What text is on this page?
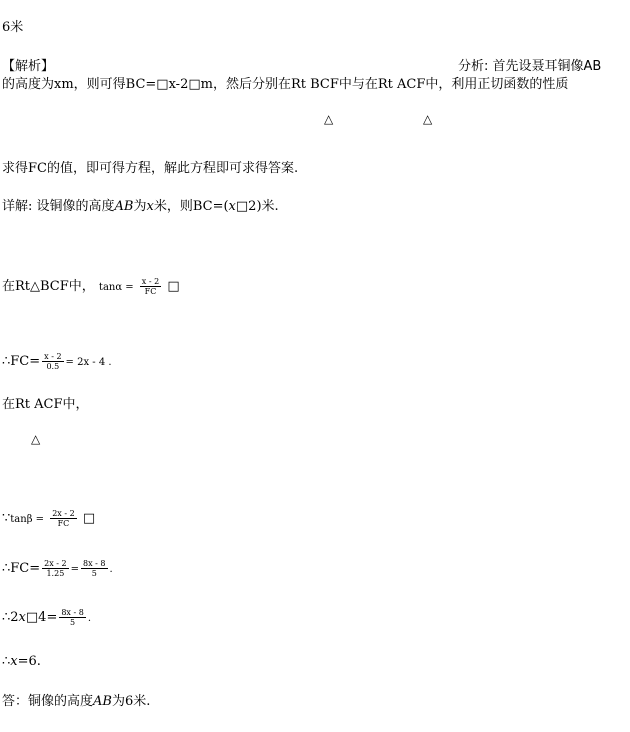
6米
【解析】	分析: 首先设聂耳铜像AB
的高度为xm，则可得BC=□x-2□m，然后分别在Rt BCF中与在Rt ACF中，利用正切函数的性质
△	△
求得FC的值，即可得方程，解此方程即可求得答案.
详解: 设铜像的高度AB为x米，则BC=(x□2)米.
在Rt△BCF中， $\tan\alpha = \frac{x - 2}{FC}$ □
∴FC= $\frac{x - 2}{0.5} = 2x - 4$ .
在Rt ACF中，
△
∵tanβ = $\frac{2x - 2}{FC}$ □
∴FC= $\frac{2x - 2}{1.25} = \frac{8x - 8}{5}$ .
∴2x□4= $\frac{8x - 8}{5}$ .
∴x=6.
答：铜像的高度AB为6米.
